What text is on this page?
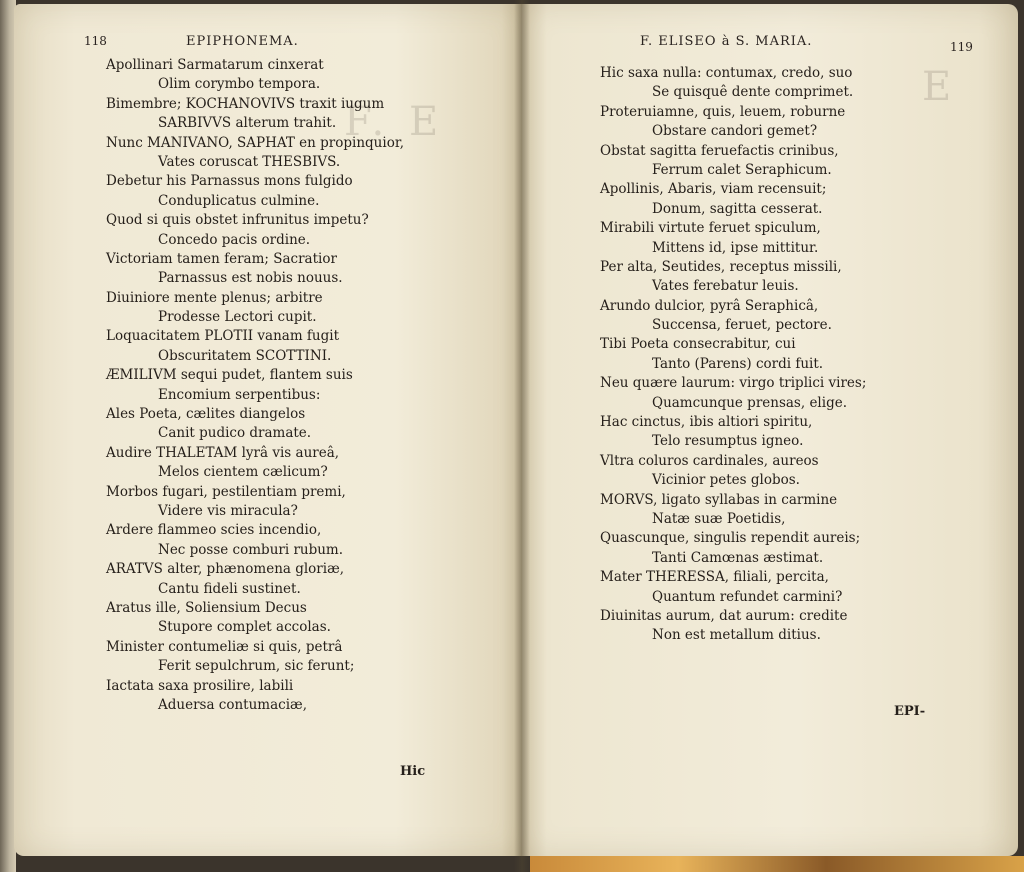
F. E
118	EPIPHONEMA.
Apollinari Sarmatarum cinxerat
Olim corymbo tempora.
Bimembre; KOCHANOVIVS traxit iugum
SARBIVVS alterum trahit.
Nunc MANIVANO, SAPHAT en propinquior,
Vates coruscat THESBIVS.
Debetur his Parnassus mons fulgido
Conduplicatus culmine.
Quod si quis obstet infrunitus impetu?
Concedo pacis ordine.
Victoriam tamen feram; Sacratior
Parnassus est nobis nouus.
Diuiniore mente plenus; arbitre
Prodesse Lectori cupit.
Loquacitatem PLOTII vanam fugit
Obscuritatem SCOTTINI.
ÆMILIVM sequi pudet, flantem suis
Encomium serpentibus:
Ales Poeta, cælites diangelos
Canit pudico dramate.
Audire THALETAM lyrâ vis aureâ,
Melos cientem cælicum?
Morbos fugari, pestilentiam premi,
Videre vis miracula?
Ardere flammeo scies incendio,
Nec posse comburi rubum.
ARATVS alter, phænomena gloriæ,
Cantu fideli sustinet.
Aratus ille, Soliensium Decus
Stupore complet accolas.
Minister contumeliæ si quis, petrâ
Ferit sepulchrum, sic ferunt;
Iactata saxa prosilire, labili
Aduersa contumaciæ,
Hic
E
F. ELISEO à S. MARIA.	119
Hic saxa nulla: contumax, credo, suo
Se quisquê dente comprimet.
Proteruiamne, quis, leuem, roburne
Obstare candori gemet?
Obstat sagitta feruefactis crinibus,
Ferrum calet Seraphicum.
Apollinis, Abaris, viam recensuit;
Donum, sagitta cesserat.
Mirabili virtute feruet spiculum,
Mittens id, ipse mittitur.
Per alta, Seutides, receptus missili,
Vates ferebatur leuis.
Arundo dulcior, pyrâ Seraphicâ,
Succensa, feruet, pectore.
Tibi Poeta consecrabitur, cui
Tanto (Parens) cordi fuit.
Neu quære laurum: virgo triplici vires;
Quamcunque prensas, elige.
Hac cinctus, ibis altiori spiritu,
Telo resumptus igneo.
Vltra coluros cardinales, aureos
Vicinior petes globos.
MORVS, ligato syllabas in carmine
Natæ suæ Poetidis,
Quascunque, singulis rependit aureis;
Tanti Camœnas æstimat.
Mater THERESSA, filiali, percita,
Quantum refundet carmini?
Diuinitas aurum, dat aurum: credite
Non est metallum ditius.
EPI-
